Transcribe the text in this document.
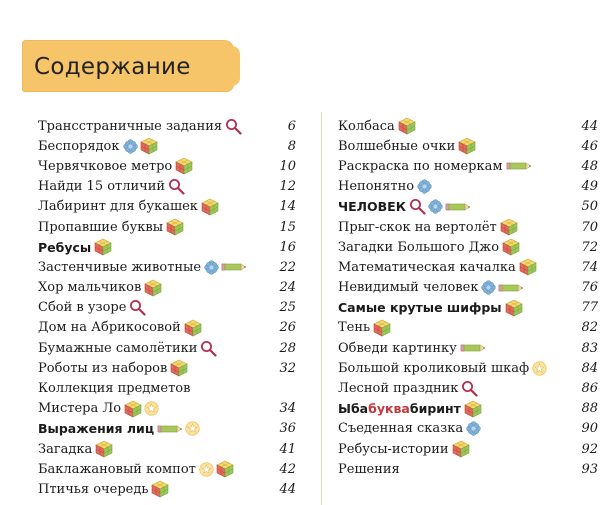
Содержание
Трансстраничные задания	6
Беспорядок	8
Червячковое метро	10
Найди 15 отличий	12
Лабиринт для букашек	14
Пропавшие буквы	15
Ребусы	16
Застенчивые животные	22
Хор мальчиков	24
Сбой в узоре	25
Дом на Абрикосовой	26
Бумажные самолётики	28
Роботы из наборов	32
Коллекция предметов
Мистера Ло	34
Выражения лиц	36
Загадка	41
Баклажановый компот	42
Птичья очередь	44
Колбаса	44
Волшебные очки	46
Раскраска по номеркам	48
Непонятно	49
ЧЕЛОВЕК	50
Прыг-скок на вертолёт	70
Загадки Большого Джо	72
Математическая качалка	74
Невидимый человек	76
Самые крутые шифры	77
Тень	82
Обведи картинку	83
Большой кроликовый шкаф	84
Лесной праздник	86
Ыбабуквабиринт	88
Съеденная сказка	90
Ребусы-истории	92
Решения	93
